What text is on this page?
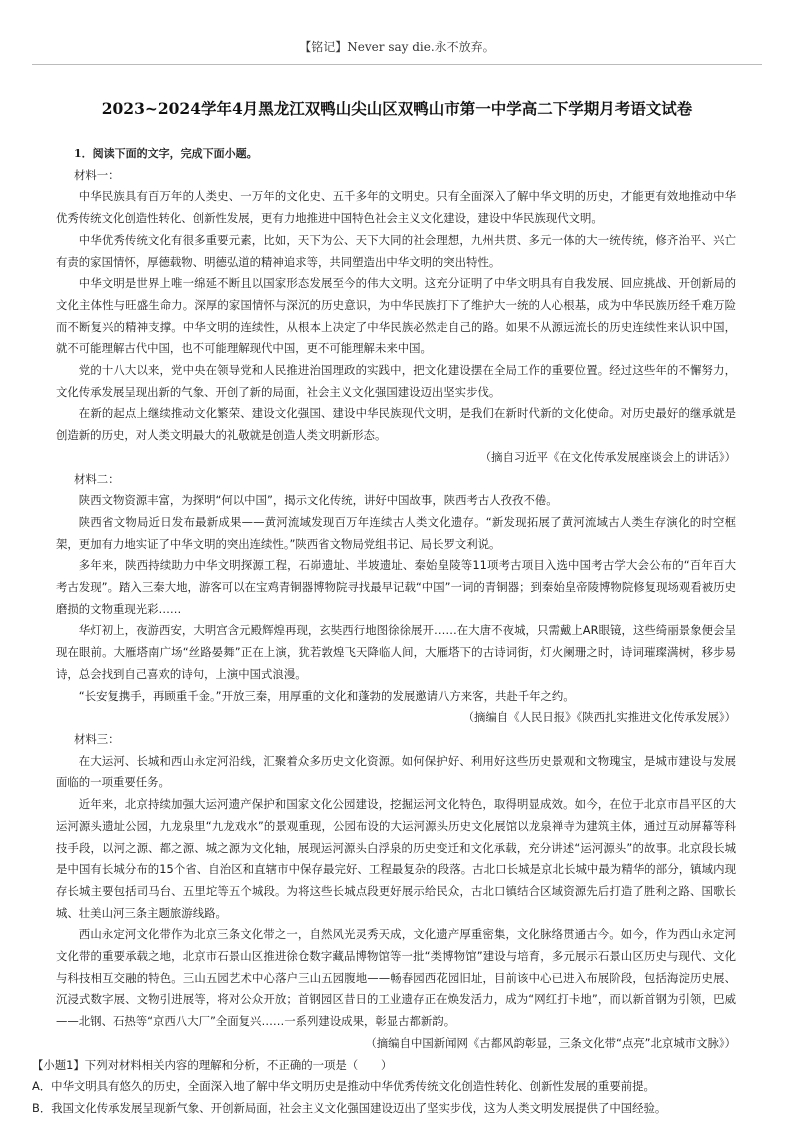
【铭记】Never say die.永不放弃。
2023~2024学年4月黑龙江双鸭山尖山区双鸭山市第一中学高二下学期月考语文试卷

1．阅读下面的文字，完成下面小题。

材料一：

中华民族具有百万年的人类史、一万年的文化史、五千多年的文明史。只有全面深入了解中华文明的历史，才能更有效地推动中华优秀传统文化创造性转化、创新性发展，更有力地推进中国特色社会主义文化建设，建设中华民族现代文明。

中华优秀传统文化有很多重要元素，比如，天下为公、天下大同的社会理想，九州共贯、多元一体的大一统传统，修齐治平、兴亡有责的家国情怀，厚德载物、明德弘道的精神追求等，共同塑造出中华文明的突出特性。

中华文明是世界上唯一绵延不断且以国家形态发展至今的伟大文明。这充分证明了中华文明具有自我发展、回应挑战、开创新局的文化主体性与旺盛生命力。深厚的家国情怀与深沉的历史意识，为中华民族打下了维护大一统的人心根基，成为中华民族历经千难万险而不断复兴的精神支撑。中华文明的连续性，从根本上决定了中华民族必然走自己的路。如果不从源远流长的历史连续性来认识中国，就不可能理解古代中国，也不可能理解现代中国，更不可能理解未来中国。

党的十八大以来，党中央在领导党和人民推进治国理政的实践中，把文化建设摆在全局工作的重要位置。经过这些年的不懈努力，文化传承发展呈现出新的气象、开创了新的局面，社会主义文化强国建设迈出坚实步伐。

在新的起点上继续推动文化繁荣、建设文化强国、建设中华民族现代文明，是我们在新时代新的文化使命。对历史最好的继承就是创造新的历史，对人类文明最大的礼敬就是创造人类文明新形态。

（摘自习近平《在文化传承发展座谈会上的讲话》）

材料二：

陕西文物资源丰富，为探明“何以中国”，揭示文化传统，讲好中国故事，陕西考古人孜孜不倦。

陕西省文物局近日发布最新成果——黄河流域发现百万年连续古人类文化遗存。“新发现拓展了黄河流域古人类生存演化的时空框架，更加有力地实证了中华文明的突出连续性。”陕西省文物局党组书记、局长罗文利说。

多年来，陕西持续助力中华文明探源工程，石峁遗址、半坡遗址、秦始皇陵等11项考古项目入选中国考古学大会公布的“百年百大考古发现”。踏入三秦大地，游客可以在宝鸡青铜器博物院寻找最早记载“中国”一词的青铜器；到秦始皇帝陵博物院修复现场观看被历史磨损的文物重现光彩……

华灯初上，夜游西安，大明宫含元殿辉煌再现，玄奘西行地图徐徐展开……在大唐不夜城，只需戴上AR眼镜，这些绮丽景象便会呈现在眼前。大雁塔南广场“丝路晏舞”正在上演，犹若敦煌飞天降临人间，大雁塔下的古诗词街，灯火阑珊之时，诗词璀璨满树，移步易诗，总会找到自己喜欢的诗句，上演中国式浪漫。

“长安复携手，再顾重千金。”开放三秦，用厚重的文化和蓬勃的发展邀请八方来客，共赴千年之约。

（摘编自《人民日报》《陕西扎实推进文化传承发展》）

材料三：

在大运河、长城和西山永定河沿线，汇聚着众多历史文化资源。如何保护好、利用好这些历史景观和文物瑰宝，是城市建设与发展面临的一项重要任务。

近年来，北京持续加强大运河遗产保护和国家文化公园建设，挖掘运河文化特色，取得明显成效。如今，在位于北京市昌平区的大运河源头遗址公园，九龙泉里“九龙戏水”的景观重现，公园布设的大运河源头历史文化展馆以龙泉禅寺为建筑主体，通过互动屏幕等科技手段，以河之源、都之源、城之源为文化轴，展现运河源头白浮泉的历史变迁和文化承载，充分讲述“运河源头”的故事。北京段长城是中国有长城分布的15个省、自治区和直辖市中保存最完好、工程最复杂的段落。古北口长城是京北长城中最为精华的部分，镇域内现存长城主要包括司马台、五里坨等五个城段。为将这些长城点段更好展示给民众，古北口镇结合区域资源先后打造了胜利之路、国歌长城、壮美山河三条主题旅游线路。

西山永定河文化带作为北京三条文化带之一，自然风光灵秀天成，文化遗产厚重密集，文化脉络贯通古今。如今，作为西山永定河文化带的重要承载之地，北京市石景山区推进徐仓数字藏品博物馆等一批“类博物馆”建设与培育，多元展示石景山区历史与现代、文化与科技相互交融的特色。三山五园艺术中心落户三山五园腹地——畅春园西花园旧址，目前该中心已进入布展阶段，包括海淀历史展、沉浸式数字展、文物引进展等，将对公众开放；首钢园区昔日的工业遗存正在焕发活力，成为“网红打卡地”，而以新首钢为引领，巴威——北钢、石热等“京西八大厂”全面复兴……一系列建设成果，彰显古都新韵。

（摘编自中国新闻网《古都风韵彰显，三条文化带“点亮”北京城市文脉》）

【小题1】下列对材料相关内容的理解和分析，不正确的一项是（　　）

A．中华文明具有悠久的历史，全面深入地了解中华文明历史是推动中华优秀传统文化创造性转化、创新性发展的重要前提。

B．我国文化传承发展呈现新气象、开创新局面，社会主义文化强国建设迈出了坚实步伐，这为人类文明发展提供了中国经验。
